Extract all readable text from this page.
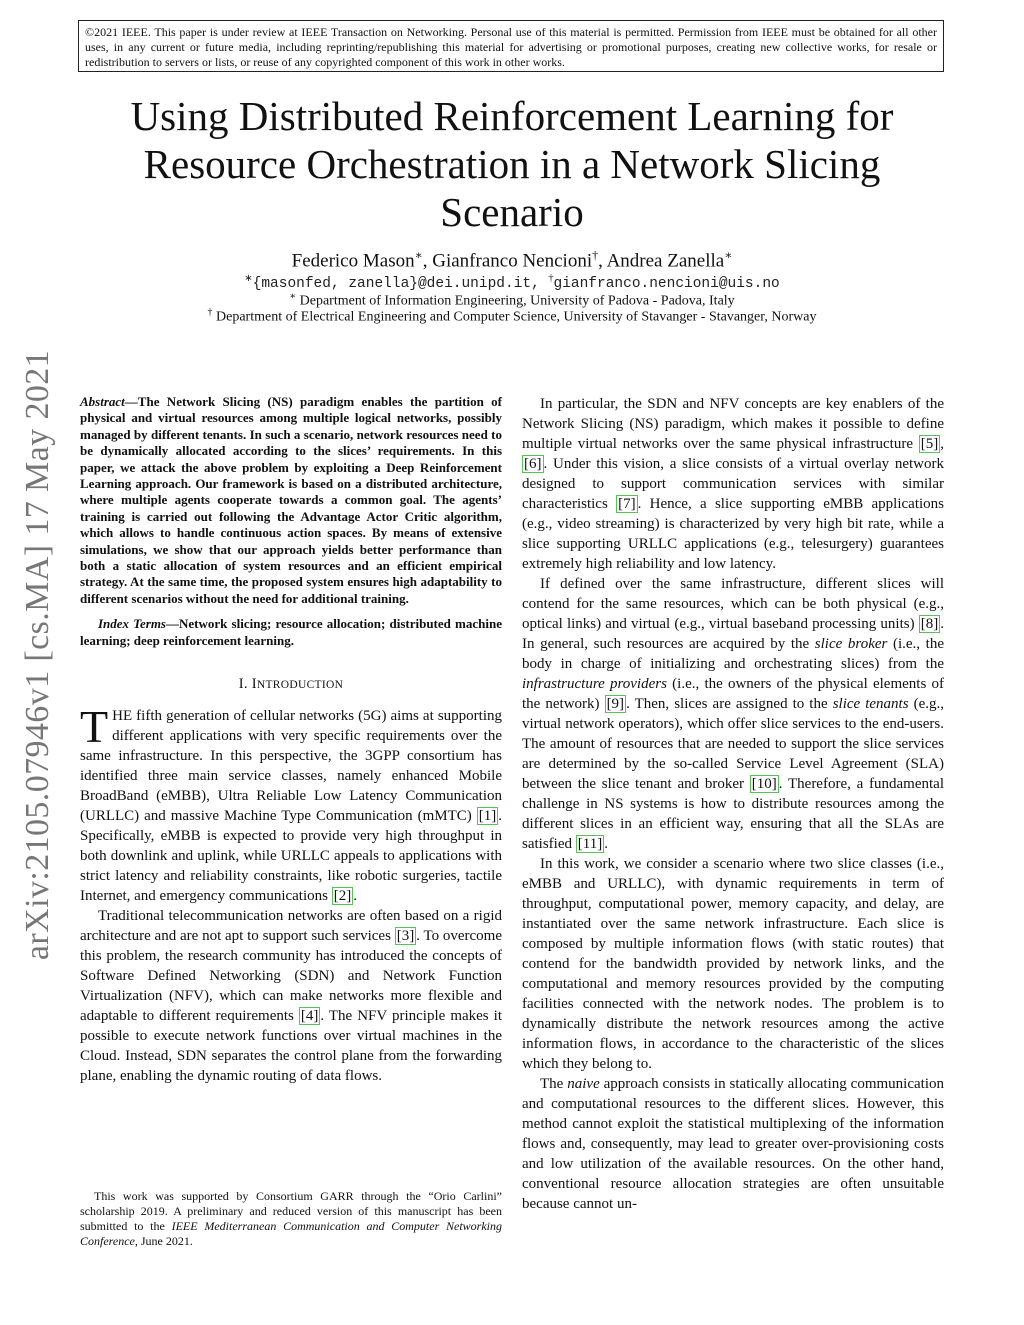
©2021 IEEE. This paper is under review at IEEE Transaction on Networking. Personal use of this material is permitted. Permission from IEEE must be obtained for all other uses, in any current or future media, including reprinting/republishing this material for advertising or promotional purposes, creating new collective works, for resale or redistribution to servers or lists, or reuse of any copyrighted component of this work in other works.
arXiv:2105.07946v1 [cs.MA] 17 May 2021
Using Distributed Reinforcement Learning for Resource Orchestration in a Network Slicing Scenario
Federico Mason∗, Gianfranco Nencioni†, Andrea Zanella∗
∗{masonfed, zanella}@dei.unipd.it, †gianfranco.nencioni@uis.no
∗ Department of Information Engineering, University of Padova - Padova, Italy
† Department of Electrical Engineering and Computer Science, University of Stavanger - Stavanger, Norway

Abstract—The Network Slicing (NS) paradigm enables the partition of physical and virtual resources among multiple logical networks, possibly managed by different tenants. In such a scenario, network resources need to be dynamically allocated according to the slices’ requirements. In this paper, we attack the above problem by exploiting a Deep Reinforcement Learning approach. Our framework is based on a distributed architecture, where multiple agents cooperate towards a common goal. The agents’ training is carried out following the Advantage Actor Critic algorithm, which allows to handle continuous action spaces. By means of extensive simulations, we show that our approach yields better performance than both a static allocation of system resources and an efficient empirical strategy. At the same time, the proposed system ensures high adaptability to different scenarios without the need for additional training.

Index Terms—Network slicing; resource allocation; distributed machine learning; deep reinforcement learning.

I. INTRODUCTION

THE fifth generation of cellular networks (5G) aims at supporting different applications with very specific requirements over the same infrastructure. In this perspective, the 3GPP consortium has identified three main service classes, namely enhanced Mobile BroadBand (eMBB), Ultra Reliable Low Latency Communication (URLLC) and massive Machine Type Communication (mMTC) [1] . Specifically, eMBB is expected to provide very high throughput in both downlink and uplink, while URLLC appeals to applications with strict latency and reliability constraints, like robotic surgeries, tactile Internet, and emergency communications [2] .

Traditional telecommunication networks are often based on a rigid architecture and are not apt to support such services [3] . To overcome this problem, the research community has introduced the concepts of Software Defined Networking (SDN) and Network Function Virtualization (NFV), which can make networks more flexible and adaptable to different requirements [4] . The NFV principle makes it possible to execute network functions over virtual machines in the Cloud. Instead, SDN separates the control plane from the forwarding plane, enabling the dynamic routing of data flows.

This work was supported by Consortium GARR through the “Orio Carlini” scholarship 2019. A preliminary and reduced version of this manuscript has been submitted to the IEEE Mediterranean Communication and Computer Networking Conference, June 2021.

In particular, the SDN and NFV concepts are key enablers of the Network Slicing (NS) paradigm, which makes it possible to define multiple virtual networks over the same physical infrastructure [5] , [6] . Under this vision, a slice consists of a virtual overlay network designed to support communication services with similar characteristics [7] . Hence, a slice supporting eMBB applications (e.g., video streaming) is characterized by very high bit rate, while a slice supporting URLLC applications (e.g., telesurgery) guarantees extremely high reliability and low latency.

If defined over the same infrastructure, different slices will contend for the same resources, which can be both physical (e.g., optical links) and virtual (e.g., virtual baseband processing units) [8] . In general, such resources are acquired by the slice broker (i.e., the body in charge of initializing and orchestrating slices) from the infrastructure providers (i.e., the owners of the physical elements of the network) [9] . Then, slices are assigned to the slice tenants (e.g., virtual network operators), which offer slice services to the end-users. The amount of resources that are needed to support the slice services are determined by the so-called Service Level Agreement (SLA) between the slice tenant and broker [10] . Therefore, a fundamental challenge in NS systems is how to distribute resources among the different slices in an efficient way, ensuring that all the SLAs are satisfied [11] .

In this work, we consider a scenario where two slice classes (i.e., eMBB and URLLC), with dynamic requirements in term of throughput, computational power, memory capacity, and delay, are instantiated over the same network infrastructure. Each slice is composed by multiple information flows (with static routes) that contend for the bandwidth provided by network links, and the computational and memory resources provided by the computing facilities connected with the network nodes. The problem is to dynamically distribute the network resources among the active information flows, in accordance to the characteristic of the slices which they belong to.

The naive approach consists in statically allocating communication and computational resources to the different slices. However, this method cannot exploit the statistical multiplexing of the information flows and, consequently, may lead to greater over-provisioning costs and low utilization of the available resources. On the other hand, conventional resource allocation strategies are often unsuitable because cannot un-
